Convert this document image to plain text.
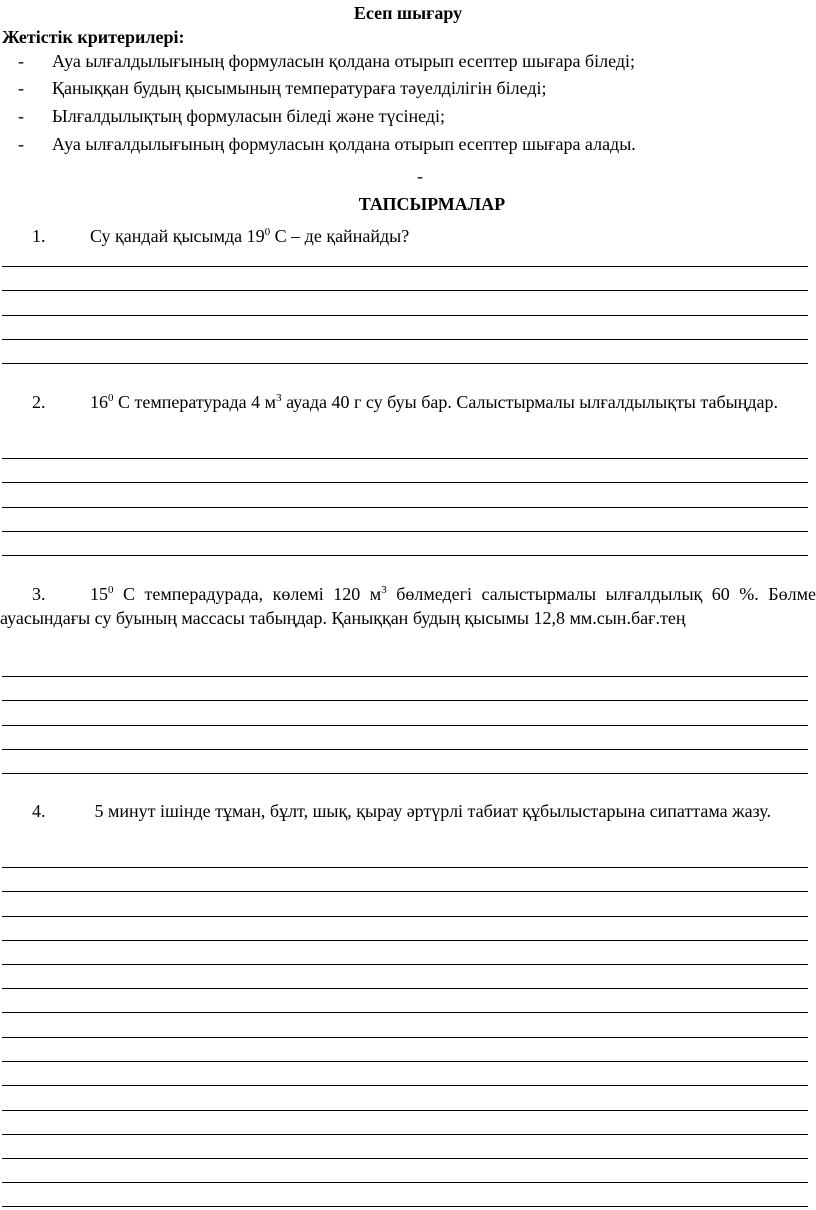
Есеп шығару
Жетістік критерилері:
- Ауа ылғалдылығының формуласын қолдана отырып есептер шығара біледі;
- Қаныққан будың қысымының температураға тәуелділігін біледі;
- Ылғалдылықтың формуласын біледі және түсінеді;
- Ауа ылғалдылығының формуласын қолдана отырып есептер шығара алады.
-
ТАПСЫРМАЛАР
1. Су қандай қысымда $19^0$ С – де қайнайды?
2. $16^0$ С температурада 4 $м^3$ ауада 40 г су буы бар. Салыстырмалы ылғалдылықты табыңдар.
3. $15^0$ С темперадурада, көлемі 120 $м^3$ бөлмедегі салыстырмалы ылғалдылық 60 %. Бөлме ауасындағы су буының массасы табыңдар. Қаныққан будың қысымы 12,8 мм.сын.бағ.тең
4. 5 минут ішінде тұман, бұлт, шық, қырау әртүрлі табиат құбылыстарына сипаттама жазу.
